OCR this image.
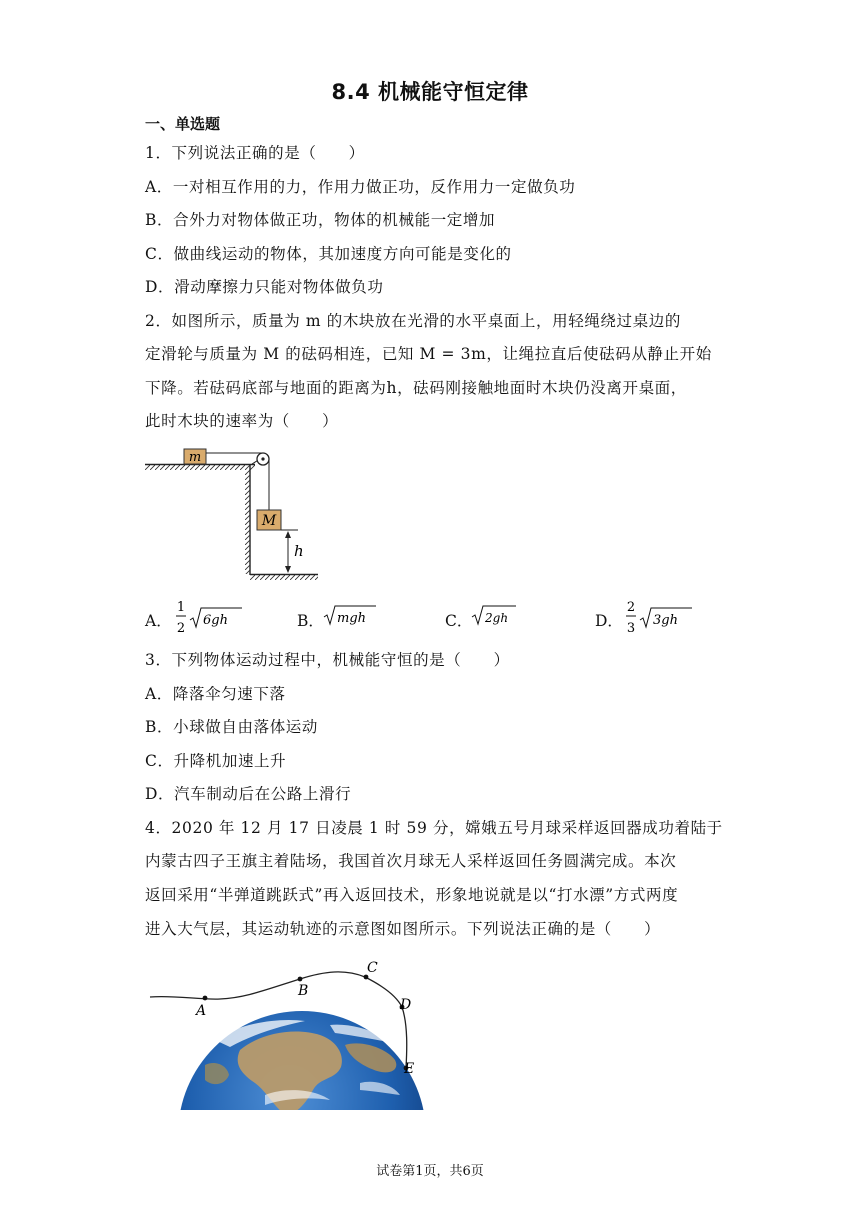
8.4 机械能守恒定律
一、单选题
1．下列说法正确的是（　　）
A．一对相互作用的力，作用力做正功，反作用力一定做负功
B．合外力对物体做正功，物体的机械能一定增加
C．做曲线运动的物体，其加速度方向可能是变化的
D．滑动摩擦力只能对物体做负功
2．如图所示，质量为 m 的木块放在光滑的水平桌面上，用轻绳绕过桌边的
定滑轮与质量为 M 的砝码相连，已知 M = 3m，让绳拉直后使砝码从静止开始
下降。若砝码底部与地面的距离为h，砝码刚接触地面时木块仍没离开桌面，
此时木块的速率为（　　）
m
M
h
A．
1
2
6gh	B． mgh	C． 2gh	D．
2
3
3gh
3．下列物体运动过程中，机械能守恒的是（　　）
A．降落伞匀速下落
B．小球做自由落体运动
C．升降机加速上升
D．汽车制动后在公路上滑行
4．2020 年 12 月 17 日凌晨 1 时 59 分，嫦娥五号月球采样返回器成功着陆于
内蒙古四子王旗主着陆场，我国首次月球无人采样返回任务圆满完成。本次
返回采用“半弹道跳跃式”再入返回技术，形象地说就是以“打水漂”方式两度
进入大气层，其运动轨迹的示意图如图所示。下列说法正确的是（　　）
A
B
C
D
E
试卷第1页，共6页
